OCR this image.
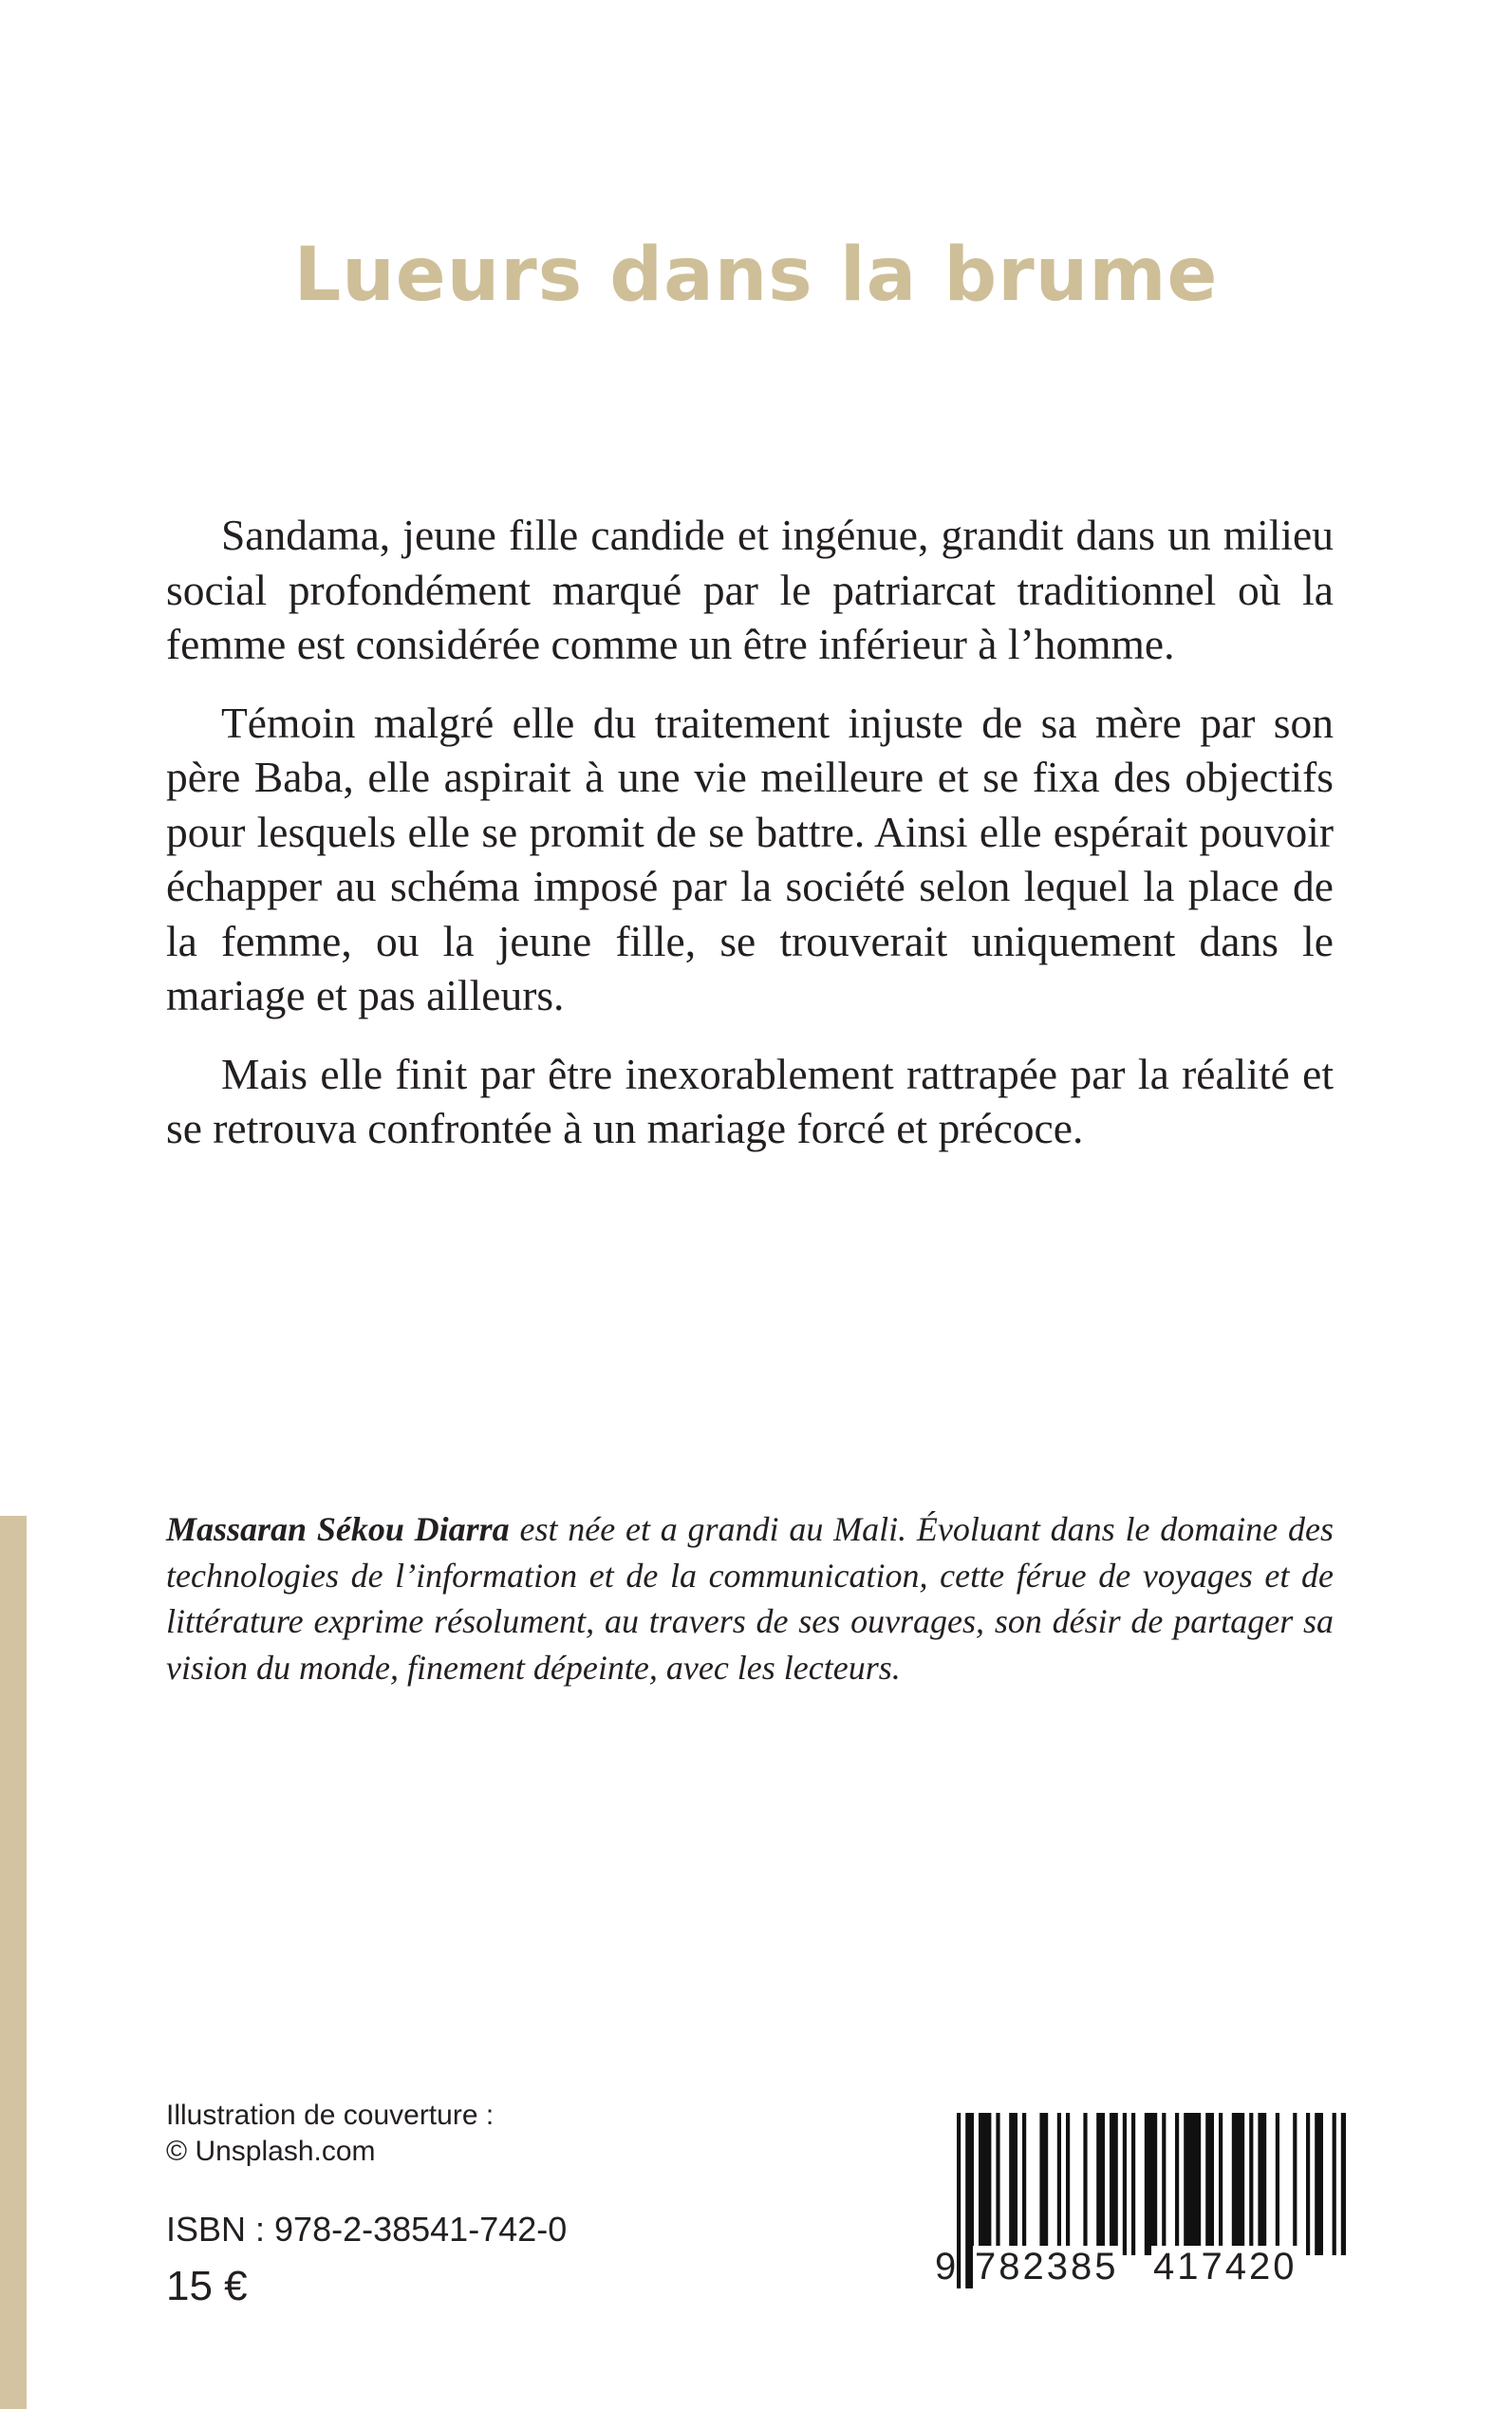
Lueurs dans la brume

Sandama, jeune fille candide et ingénue, grandit dans un milieu social profondément marqué par le patriarcat traditionnel où la femme est considérée comme un être inférieur à l’homme.

Témoin malgré elle du traitement injuste de sa mère par son père Baba, elle aspirait à une vie meilleure et se fixa des objectifs pour lesquels elle se promit de se battre. Ainsi elle espérait pouvoir échapper au schéma imposé par la société selon lequel la place de la femme, ou la jeune fille, se trouverait uniquement dans le mariage et pas ailleurs.

Mais elle finit par être inexorablement rattrapée par la réalité et se retrouva confrontée à un mariage forcé et précoce.

Massaran Sékou Diarra est née et a grandi au Mali. Évoluant dans le domaine des technologies de l’information et de la communication, cette férue de voyages et de littérature exprime résolument, au travers de ses ouvrages, son désir de partager sa vision du monde, finement dépeinte, avec les lecteurs.

Illustration de couverture :
© Unsplash.com
ISBN : 978-2-38541-742-0
15 €	9 782385 417420
